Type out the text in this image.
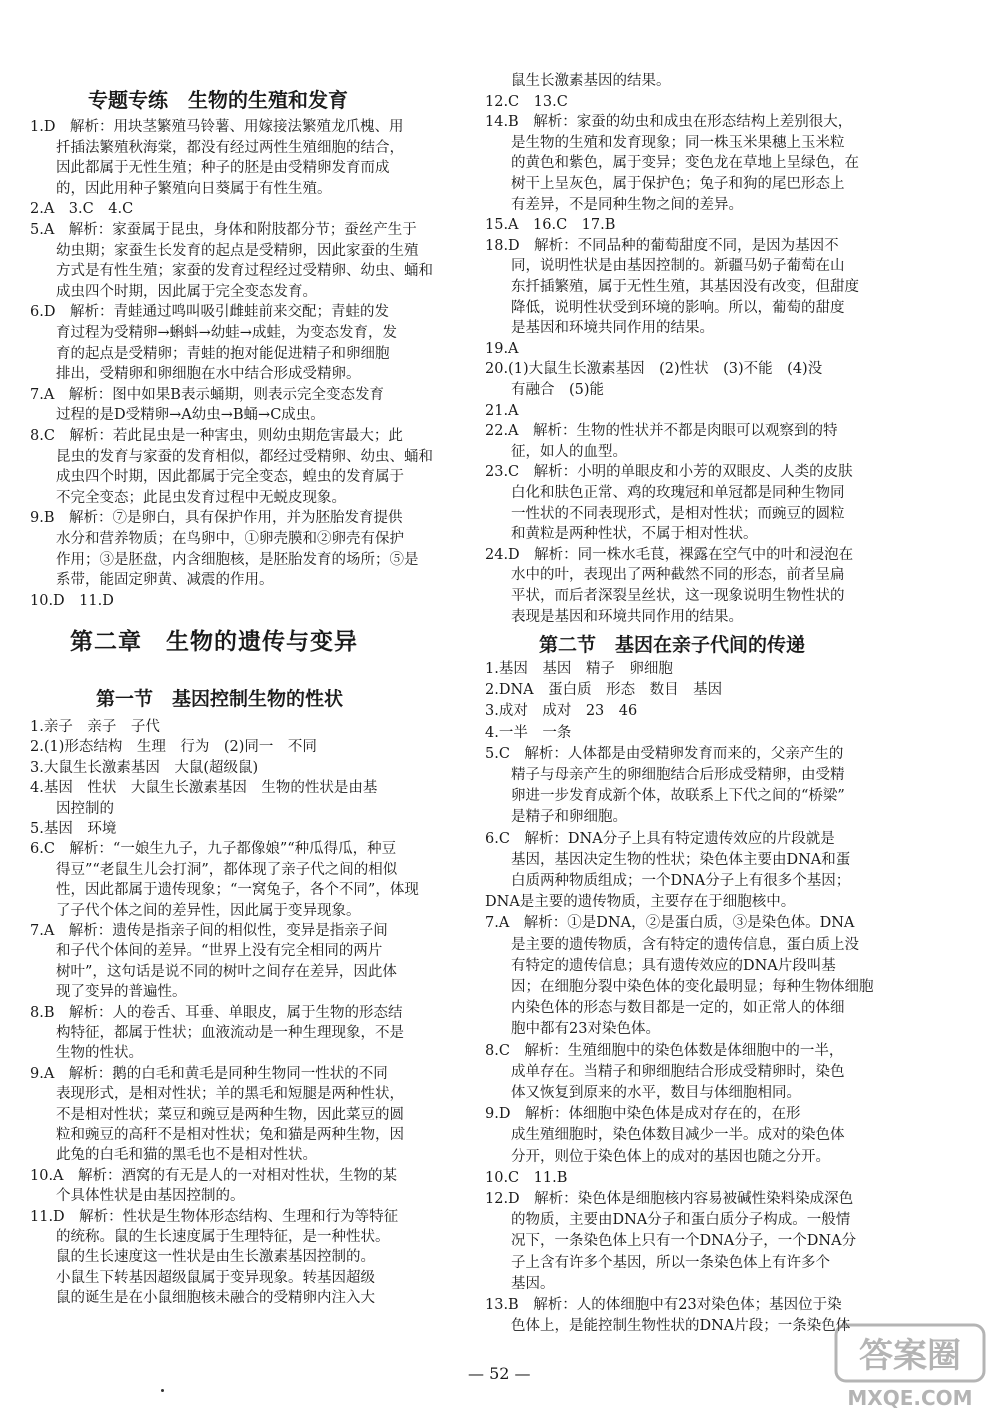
专题专练　生物的生殖和发育
1.D　解析：用块茎繁殖马铃薯、用嫁接法繁殖龙爪槐、用
扦插法繁殖秋海棠，都没有经过两性生殖细胞的结合，
因此都属于无性生殖；种子的胚是由受精卵发育而成
的，因此用种子繁殖向日葵属于有性生殖。
2.A　3.C　4.C
5.A　解析：家蚕属于昆虫，身体和附肢都分节；蚕丝产生于
幼虫期；家蚕生长发育的起点是受精卵，因此家蚕的生殖
方式是有性生殖；家蚕的发育过程经过受精卵、幼虫、蛹和
成虫四个时期，因此属于完全变态发育。
6.D　解析：青蛙通过鸣叫吸引雌蛙前来交配；青蛙的发
育过程为受精卵→蝌蚪→幼蛙→成蛙，为变态发育，发
育的起点是受精卵；青蛙的抱对能促进精子和卵细胞
排出，受精卵和卵细胞在水中结合形成受精卵。
7.A　解析：图中如果B表示蛹期，则表示完全变态发育
过程的是D受精卵→A幼虫→B蛹→C成虫。
8.C　解析：若此昆虫是一种害虫，则幼虫期危害最大；此
昆虫的发育与家蚕的发育相似，都经过受精卵、幼虫、蛹和
成虫四个时期，因此都属于完全变态，蝗虫的发育属于
不完全变态；此昆虫发育过程中无蜕皮现象。
9.B　解析：⑦是卵白，具有保护作用，并为胚胎发育提供
水分和营养物质；在鸟卵中，①卵壳膜和②卵壳有保护
作用；③是胚盘，内含细胞核，是胚胎发育的场所；⑤是
系带，能固定卵黄、减震的作用。
10.D　11.D
第二章　生物的遗传与变异
第一节　基因控制生物的性状
1.亲子　亲子　子代
2.(1)形态结构　生理　行为　(2)同一　不同
3.大鼠生长激素基因　大鼠(超级鼠)
4.基因　性状　大鼠生长激素基因　生物的性状是由基
因控制的
5.基因　环境
6.C　解析：“一娘生九子，九子都像娘”“种瓜得瓜，种豆
得豆”“老鼠生儿会打洞”，都体现了亲子代之间的相似
性，因此都属于遗传现象；“一窝兔子，各个不同”，体现
了子代个体之间的差异性，因此属于变异现象。
7.A　解析：遗传是指亲子间的相似性，变异是指亲子间
和子代个体间的差异。“世界上没有完全相同的两片
树叶”，这句话是说不同的树叶之间存在差异，因此体
现了变异的普遍性。
8.B　解析：人的卷舌、耳垂、单眼皮，属于生物的形态结
构特征，都属于性状；血液流动是一种生理现象，不是
生物的性状。
9.A　解析：鹅的白毛和黄毛是同种生物同一性状的不同
表现形式，是相对性状；羊的黑毛和短腿是两种性状，
不是相对性状；菜豆和豌豆是两种生物，因此菜豆的圆
粒和豌豆的高秆不是相对性状；兔和猫是两种生物，因
此兔的白毛和猫的黑毛也不是相对性状。
10.A　解析：酒窝的有无是人的一对相对性状，生物的某
个具体性状是由基因控制的。
11.D　解析：性状是生物体形态结构、生理和行为等特征
的统称。鼠的生长速度属于生理特征，是一种性状。
鼠的生长速度这一性状是由生长激素基因控制的。
小鼠生下转基因超级鼠属于变异现象。转基因超级
鼠的诞生是在小鼠细胞核未融合的受精卵内注入大
鼠生长激素基因的结果。
12.C　13.C
14.B　解析：家蚕的幼虫和成虫在形态结构上差别很大，
是生物的生殖和发育现象；同一株玉米果穗上玉米粒
的黄色和紫色，属于变异；变色龙在草地上呈绿色，在
树干上呈灰色，属于保护色；兔子和狗的尾巴形态上
有差异，不是同种生物之间的差异。
15.A　16.C　17.B
18.D　解析：不同品种的葡萄甜度不同，是因为基因不
同，说明性状是由基因控制的。新疆马奶子葡萄在山
东扦插繁殖，属于无性生殖，其基因没有改变，但甜度
降低，说明性状受到环境的影响。所以，葡萄的甜度
是基因和环境共同作用的结果。
19.A
20.(1)大鼠生长激素基因　(2)性状　(3)不能　(4)没
有融合　(5)能
21.A
22.A　解析：生物的性状并不都是肉眼可以观察到的特
征，如人的血型。
23.C　解析：小明的单眼皮和小芳的双眼皮、人类的皮肤
白化和肤色正常、鸡的玫瑰冠和单冠都是同种生物同
一性状的不同表现形式，是相对性状；而豌豆的圆粒
和黄粒是两种性状，不属于相对性状。
24.D　解析：同一株水毛茛，裸露在空气中的叶和浸泡在
水中的叶，表现出了两种截然不同的形态，前者呈扁
平状，而后者深裂呈丝状，这一现象说明生物性状的
表现是基因和环境共同作用的结果。
第二节　基因在亲子代间的传递
1.基因　基因　精子　卵细胞
2.DNA　蛋白质　形态　数目　基因
3.成对　成对　23　46
4.一半　一条
5.C　解析：人体都是由受精卵发育而来的，父亲产生的
精子与母亲产生的卵细胞结合后形成受精卵，由受精
卵进一步发育成新个体，故联系上下代之间的“桥梁”
是精子和卵细胞。
6.C　解析：DNA分子上具有特定遗传效应的片段就是
基因，基因决定生物的性状；染色体主要由DNA和蛋
白质两种物质组成；一个DNA分子上有很多个基因；
DNA是主要的遗传物质，主要存在于细胞核中。
7.A　解析：①是DNA，②是蛋白质，③是染色体。DNA
是主要的遗传物质，含有特定的遗传信息，蛋白质上没
有特定的遗传信息；具有遗传效应的DNA片段叫基
因；在细胞分裂中染色体的变化最明显；每种生物体细胞
内染色体的形态与数目都是一定的，如正常人的体细
胞中都有23对染色体。
8.C　解析：生殖细胞中的染色体数是体细胞中的一半，
成单存在。当精子和卵细胞结合形成受精卵时，染色
体又恢复到原来的水平，数目与体细胞相同。
9.D　解析：体细胞中染色体是成对存在的，在形
成生殖细胞时，染色体数目减少一半。成对的染色体
分开，则位于染色体上的成对的基因也随之分开。
10.C　11.B
12.D　解析：染色体是细胞核内容易被碱性染料染成深色
的物质，主要由DNA分子和蛋白质分子构成。一般情
况下，一条染色体上只有一个DNA分子，一个DNA分
子上含有许多个基因，所以一条染色体上有许多个
基因。
13.B　解析：人的体细胞中有23对染色体；基因位于染
色体上，是能控制生物性状的DNA片段；一条染色体
— 52 —	答案圈
MXQE.COM
